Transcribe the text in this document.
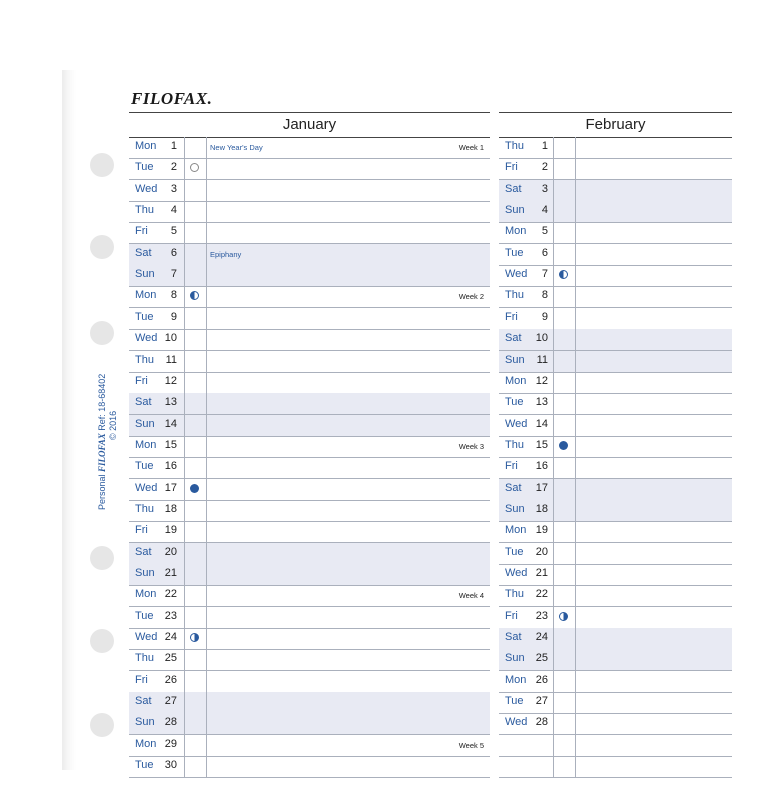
FILOFAX.
Personal FILOFAX Ref: 18-68402 © 2016
January
Mon	1	New Year's Day	Week 1
Tue	2
Wed	3
Thu	4
Fri	5
Sat	6	Epiphany
Sun	7
Mon	8	Week 2
Tue	9
Wed 10
Thu	11
Fri	12
Sat	13
Sun 14
Mon 15	Week 3
Tue	16
Wed 17
Thu 18
Fri	19
Sat	20
Sun 21
Mon 22	Week 4
Tue	23
Wed 24
Thu 25
Fri	26
Sat	27
Sun 28
Mon 29	Week 5
Tue	30
February
Thu	1
Fri	2
Sat	3
Sun	4
Mon	5
Tue	6
Wed	7
Thu	8
Fri	9
Sat	10
Sun	11
Mon 12
Tue	13
Wed 14
Thu	15
Fri	16
Sat	17
Sun	18
Mon 19
Tue	20
Wed 21
Thu	22
Fri	23
Sat	24
Sun	25
Mon 26
Tue	27
Wed 28
